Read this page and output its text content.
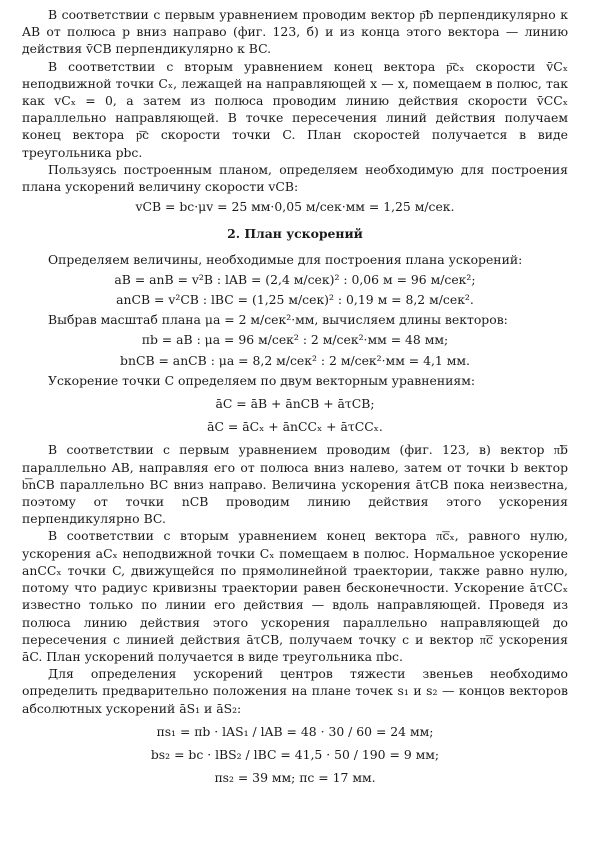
В соответствии с первым уравнением проводим вектор p͞b перпендикулярно к AB от полюса p вниз направо (фиг. 123, б) и из конца этого вектора — линию действия v̄CB перпендикулярно к BC.

В соответствии с вторым уравнением конец вектора p͞cₓ скорости v̄Cₓ неподвижной точки Cₓ, лежащей на направляющей x — x, помещаем в полюс, так как vCₓ = 0, а затем из полюса проводим линию действия скорости v̄CCₓ параллельно направляющей. В точке пересечения линий действия получаем конец вектора p͞c скорости точки C. План скоростей получается в виде треугольника pbc.

Пользуясь построенным планом, определяем необходимую для построения плана ускорений величину скорости vCB:

vCB = bc·μv = 25 мм·0,05 м/сек·мм = 1,25 м/сек.
2. План ускорений

Определяем величины, необходимые для построения плана ускорений:

aB = anB = v²B : lAB = (2,4 м/сек)² : 0,06 м = 96 м/сек²;
anCB = v²CB : lBC = (1,25 м/сек)² : 0,19 м = 8,2 м/сек².

Выбрав масштаб плана μa = 2 м/сек²·мм, вычисляем длины векторов:

πb = aB : μa = 96 м/сек² : 2 м/сек²·мм = 48 мм;
bnCB = anCB : μa = 8,2 м/сек² : 2 м/сек²·мм = 4,1 мм.

Ускорение точки C определяем по двум векторным уравнениям:

āC = āB + ānCB + āτCB;
āC = āCₓ + ānCCₓ + āτCCₓ.

В соответствии с первым уравнением проводим (фиг. 123, в) вектор π͞b параллельно AB, направляя его от полюса вниз налево, затем от точки b вектор b͞nCB параллельно BC вниз направо. Величина ускорения āτCB пока неизвестна, поэтому от точки nCB проводим линию действия этого ускорения перпендикулярно BC.

В соответствии с вторым уравнением конец вектора π͞cₓ, равного нулю, ускорения aCₓ неподвижной точки Cₓ помещаем в полюс. Нормальное ускорение anCCₓ точки C, движущейся по прямолинейной траектории, также равно нулю, потому что радиус кривизны траектории равен бесконечности. Ускорение āτCCₓ известно только по линии его действия — вдоль направляющей. Проведя из полюса линию действия этого ускорения параллельно направляющей до пересечения с линией действия āτCB, получаем точку c и вектор π͞c ускорения āC. План ускорений получается в виде треугольника πbc.

Для определения ускорений центров тяжести звеньев необходимо определить предварительно положения на плане точек s₁ и s₂ — концов векторов абсолютных ускорений āS₁ и āS₂:

πs₁ = πb · lAS₁ / lAB = 48 · 30 / 60 = 24 мм;
bs₂ = bc · lBS₂ / lBC = 41,5 · 50 / 190 = 9 мм;
πs₂ = 39 мм; πc = 17 мм.
